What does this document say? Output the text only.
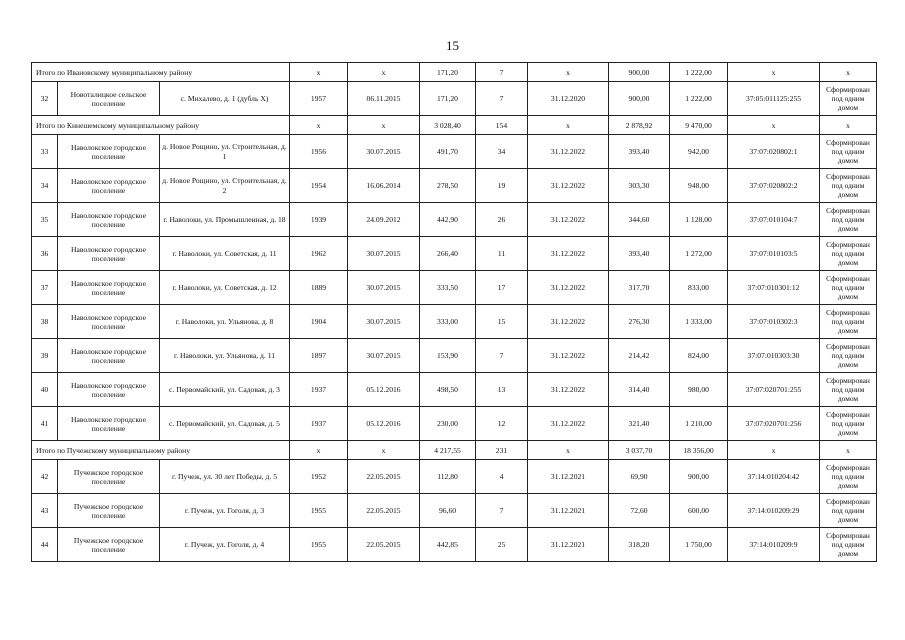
15
Итого по Ивановскому муниципальному району			х	х	171,20	7	х	900,00	1 222,00	х	х
32	Новоталицкое сельское поселение	с. Михалево, д. 1 (дубль Х)	1957	06.11.2015	171,20	7	31.12.2020	900,00	1 222,00	37:05:011125:255	Сформирован под одним домом
Итого по Кинешемскому муниципальному району			х	х	3 028,40	154	х	2 878,92	9 470,00	х	х
33	Наволокское городское поселение	д. Новое Рощино, ул. Строительная, д. 1	1956	30.07.2015	491,70	34	31.12.2022	393,40	942,00	37:07:020802:1	Сформирован под одним домом
34	Наволокское городское поселение	д. Новое Рощино, ул. Строительная, д. 2	1954	16.06.2014	278,50	19	31.12.2022	303,30	948,00	37:07:020802:2	Сформирован под одним домом
35	Наволокское городское поселение	г. Наволоки, ул. Промышленная, д. 18	1939	24.09.2012	442,90	26	31.12.2022	344,60	1 128,00	37:07:010104:7	Сформирован под одним домом
36	Наволокское городское поселение	г. Наволоки, ул. Советская, д. 11	1962	30.07.2015	266,40	11	31.12.2022	393,40	1 272,00	37:07:010103:5	Сформирован под одним домом
37	Наволокское городское поселение	г. Наволоки, ул. Советская, д. 12	1889	30.07.2015	333,50	17	31.12.2022	317,70	833,00	37:07:010301:12	Сформирован под одним домом
38	Наволокское городское поселение	г. Наволоки, ул. Ульянова, д. 8	1904	30.07.2015	333,00	15	31.12.2022	276,30	1 333,00	37:07:010302:3	Сформирован под одним домом
39	Наволокское городское поселение	г. Наволоки, ул. Ульянова, д. 11	1897	30.07.2015	153,90	7	31.12.2022	214,42	824,00	37:07:010303:30	Сформирован под одним домом
40	Наволокское городское поселение	с. Первомайский, ул. Садовая, д. 3	1937	05.12.2016	498,50	13	31.12.2022	314,40	980,00	37:07:020701:255	Сформирован под одним домом
41	Наволокское городское поселение	с. Первомайский, ул. Садовая, д. 5	1937	05.12.2016	230,00	12	31.12.2022	321,40	1 210,00	37:07:020701:256	Сформирован под одним домом
Итого по Пучежскому муниципальному району			х	х	4 217,55	231	х	3 037,70	18 356,00	х	х
42	Пучежское городское поселение	г. Пучеж, ул. 30 лет Победы, д. 5	1952	22.05.2015	112,80	4	31.12.2021	69,90	900,00	37:14:010204:42	Сформирован под одним домом
43	Пучежское городское поселение	г. Пучеж, ул. Гоголя, д. 3	1955	22.05.2015	96,60	7	31.12.2021	72,60	600,00	37:14:010209:29	Сформирован под одним домом
44	Пучежское городское поселение	г. Пучеж, ул. Гоголя, д. 4	1955	22.05.2015	442,85	25	31.12.2021	318,20	1 750,00	37:14:010209:9	Сформирован под одним домом
